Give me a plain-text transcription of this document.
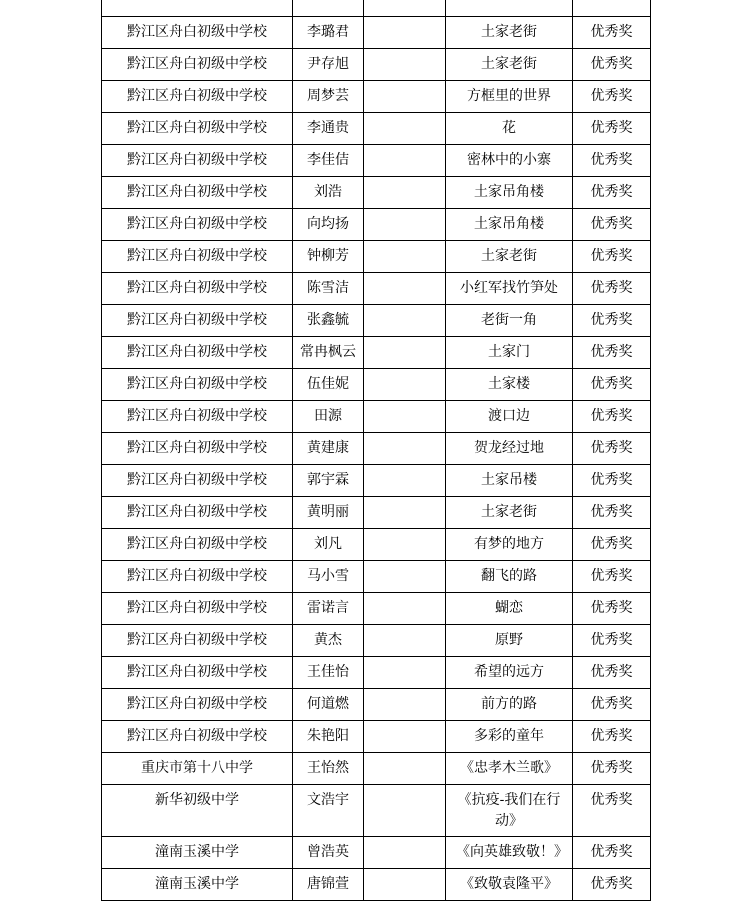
黔江区舟白初级中学校	李璐君		土家老街	优秀奖
黔江区舟白初级中学校	尹存旭		土家老街	优秀奖
黔江区舟白初级中学校	周梦芸		方框里的世界	优秀奖
黔江区舟白初级中学校	李通贵		花	优秀奖
黔江区舟白初级中学校	李佳佶		密林中的小寨	优秀奖
黔江区舟白初级中学校	刘浩		土家吊角楼	优秀奖
黔江区舟白初级中学校	向均扬		土家吊角楼	优秀奖
黔江区舟白初级中学校	钟柳芳		土家老街	优秀奖
黔江区舟白初级中学校	陈雪洁		小红军找竹笋处	优秀奖
黔江区舟白初级中学校	张鑫毓		老街一角	优秀奖
黔江区舟白初级中学校	常冉枫云		土家门	优秀奖
黔江区舟白初级中学校	伍佳妮		土家楼	优秀奖
黔江区舟白初级中学校	田源		渡口边	优秀奖
黔江区舟白初级中学校	黄建康		贺龙经过地	优秀奖
黔江区舟白初级中学校	郭宇霖		土家吊楼	优秀奖
黔江区舟白初级中学校	黄明丽		土家老街	优秀奖
黔江区舟白初级中学校	刘凡		有梦的地方	优秀奖
黔江区舟白初级中学校	马小雪		翻飞的路	优秀奖
黔江区舟白初级中学校	雷诺言		蝴恋	优秀奖
黔江区舟白初级中学校	黄杰		原野	优秀奖
黔江区舟白初级中学校	王佳怡		希望的远方	优秀奖
黔江区舟白初级中学校	何道燃		前方的路	优秀奖
黔江区舟白初级中学校	朱艳阳		多彩的童年	优秀奖
重庆市第十八中学	王怡然		《忠孝木兰歌》	优秀奖
新华初级中学	文浩宇		《抗疫-我们在行动》	优秀奖
潼南玉溪中学	曾浩英		《向英雄致敬！》	优秀奖
潼南玉溪中学	唐锦萱		《致敬袁隆平》	优秀奖
